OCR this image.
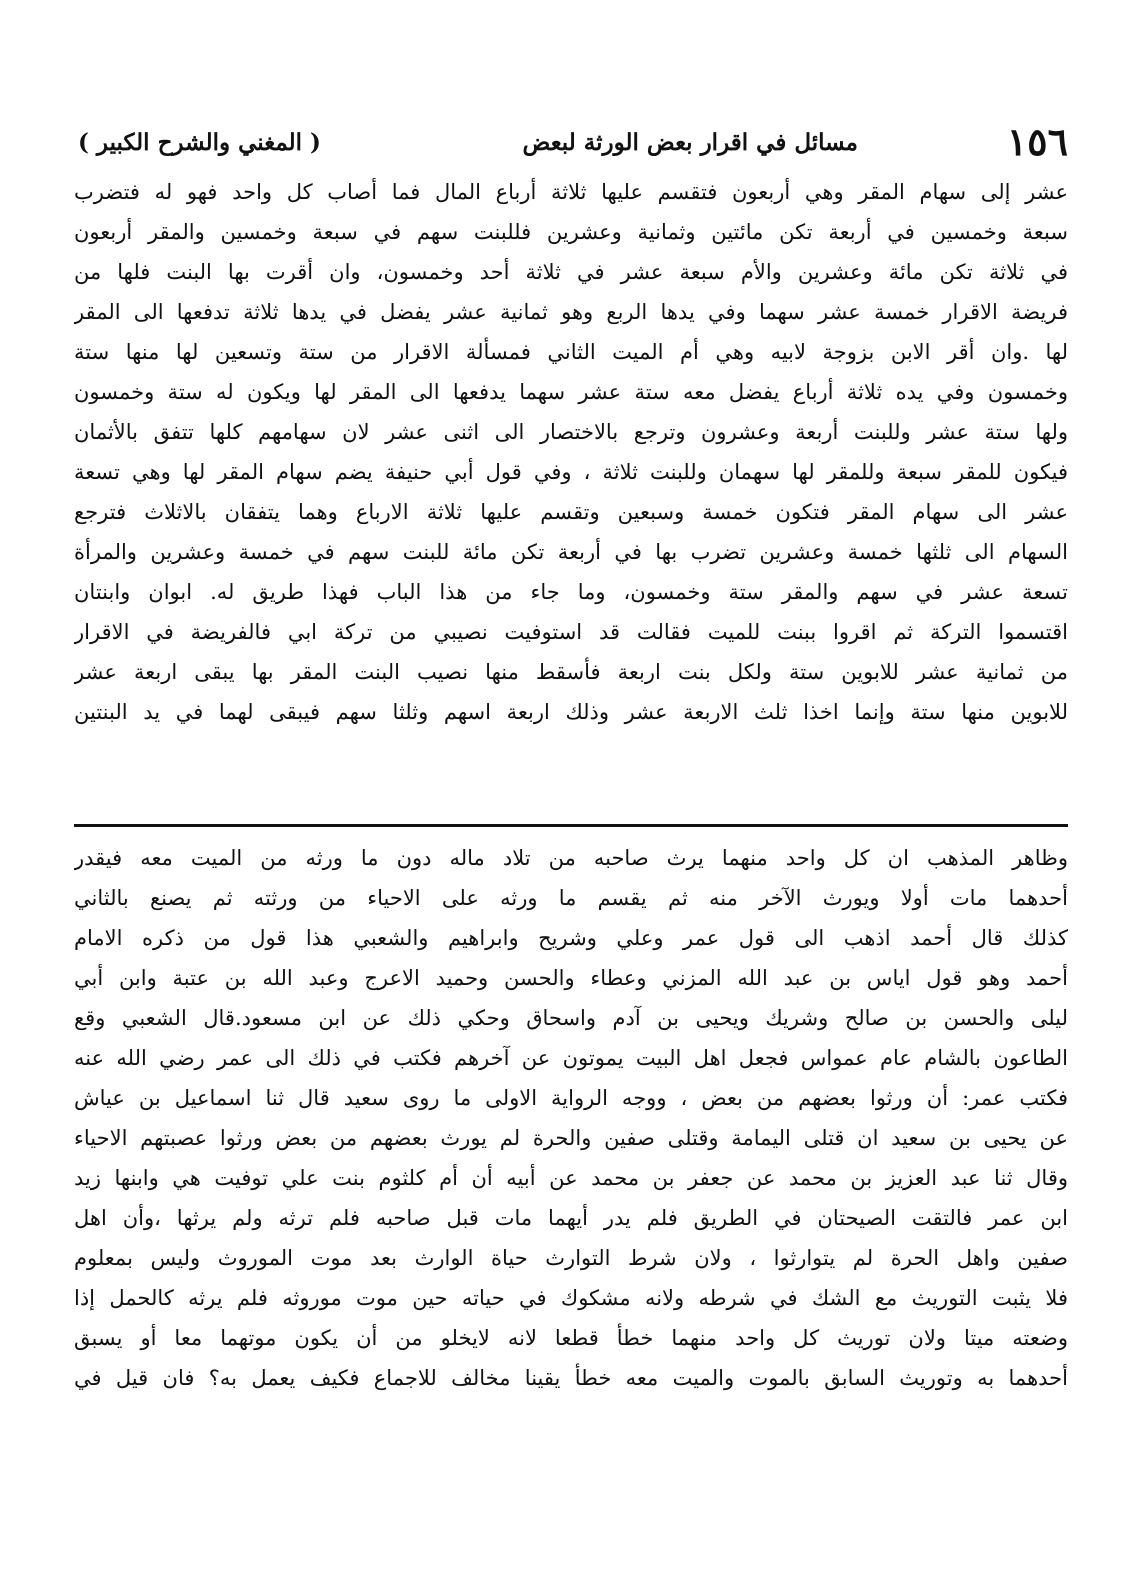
١٥٦
مسائل في اقرار بعض الورثة لبعض
( المغني والشرح الكبير )
عشر إلى سهام المقر وهي أربعون فتقسم عليها ثلاثة أرباع المال فما أصاب كل واحد فهو له فتضرب
سبعة وخمسين في أربعة تكن مائتين وثمانية وعشرين فللبنت سهم في سبعة وخمسين والمقر أربعون
في ثلاثة تكن مائة وعشرين والأم سبعة عشر في ثلاثة أحد وخمسون، وان أقرت بها البنت فلها من
فريضة الاقرار خمسة عشر سهما وفي يدها الربع وهو ثمانية عشر يفضل في يدها ثلاثة تدفعها الى المقر
لها .وان أقر الابن بزوجة لابيه وهي أم الميت الثاني فمسألة الاقرار من ستة وتسعين لها منها ستة
وخمسون وفي يده ثلاثة أرباع يفضل معه ستة عشر سهما يدفعها الى المقر لها ويكون له ستة وخمسون
ولها ستة عشر وللبنت أربعة وعشرون وترجع بالاختصار الى اثنى عشر لان سهامهم كلها تتفق بالأثمان
فيكون للمقر سبعة وللمقر لها سهمان وللبنت ثلاثة ، وفي قول أبي حنيفة يضم سهام المقر لها وهي تسعة
عشر الى سهام المقر فتكون خمسة وسبعين وتقسم عليها ثلاثة الارباع وهما يتفقان بالاثلاث فترجع
السهام الى ثلثها خمسة وعشرين تضرب بها في أربعة تكن مائة للبنت سهم في خمسة وعشرين والمرأة
تسعة عشر في سهم والمقر ستة وخمسون، وما جاء من هذا الباب فهذا طريق له. ابوان وابنتان
اقتسموا التركة ثم اقروا ببنت للميت فقالت قد استوفيت نصيبي من تركة ابي فالفريضة في الاقرار
من ثمانية عشر للابوين ستة ولكل بنت اربعة فأسقط منها نصيب البنت المقر بها يبقى اربعة عشر
للابوين منها ستة وإنما اخذا ثلث الاربعة عشر وذلك اربعة اسهم وثلثا سهم فيبقى لهما في يد البنتين
وظاهر المذهب ان كل واحد منهما يرث صاحبه من تلاد ماله دون ما ورثه من الميت معه فيقدر
أحدهما مات أولا ويورث الآخر منه ثم يقسم ما ورثه على الاحياء من ورثته ثم يصنع بالثاني
كذلك قال أحمد اذهب الى قول عمر وعلي وشريح وابراهيم والشعبي هذا قول من ذكره الامام
أحمد وهو قول اياس بن عبد الله المزني وعطاء والحسن وحميد الاعرج وعبد الله بن عتبة وابن أبي
ليلى والحسن بن صالح وشريك ويحيى بن آدم واسحاق وحكي ذلك عن ابن مسعود.قال الشعبي وقع
الطاعون بالشام عام عمواس فجعل اهل البيت يموتون عن آخرهم فكتب في ذلك الى عمر رضي الله عنه
فكتب عمر: أن ورثوا بعضهم من بعض ، ووجه الرواية الاولى ما روى سعيد قال ثنا اسماعيل بن عياش
عن يحيى بن سعيد ان قتلى اليمامة وقتلى صفين والحرة لم يورث بعضهم من بعض ورثوا عصبتهم الاحياء
وقال ثنا عبد العزيز بن محمد عن جعفر بن محمد عن أبيه أن أم كلثوم بنت علي توفيت هي وابنها زيد
ابن عمر فالتقت الصيحتان في الطريق فلم يدر أيهما مات قبل صاحبه فلم ترثه ولم يرثها ،وأن اهل
صفين واهل الحرة لم يتوارثوا ، ولان شرط التوارث حياة الوارث بعد موت الموروث وليس بمعلوم
فلا يثبت التوريث مع الشك في شرطه ولانه مشكوك في حياته حين موت موروثه فلم يرثه كالحمل إذا
وضعته ميتا ولان توريث كل واحد منهما خطأ قطعا لانه لايخلو من أن يكون موتهما معا أو يسبق
أحدهما به وتوريث السابق بالموت والميت معه خطأ يقينا مخالف للاجماع فكيف يعمل به؟ فان قيل في
